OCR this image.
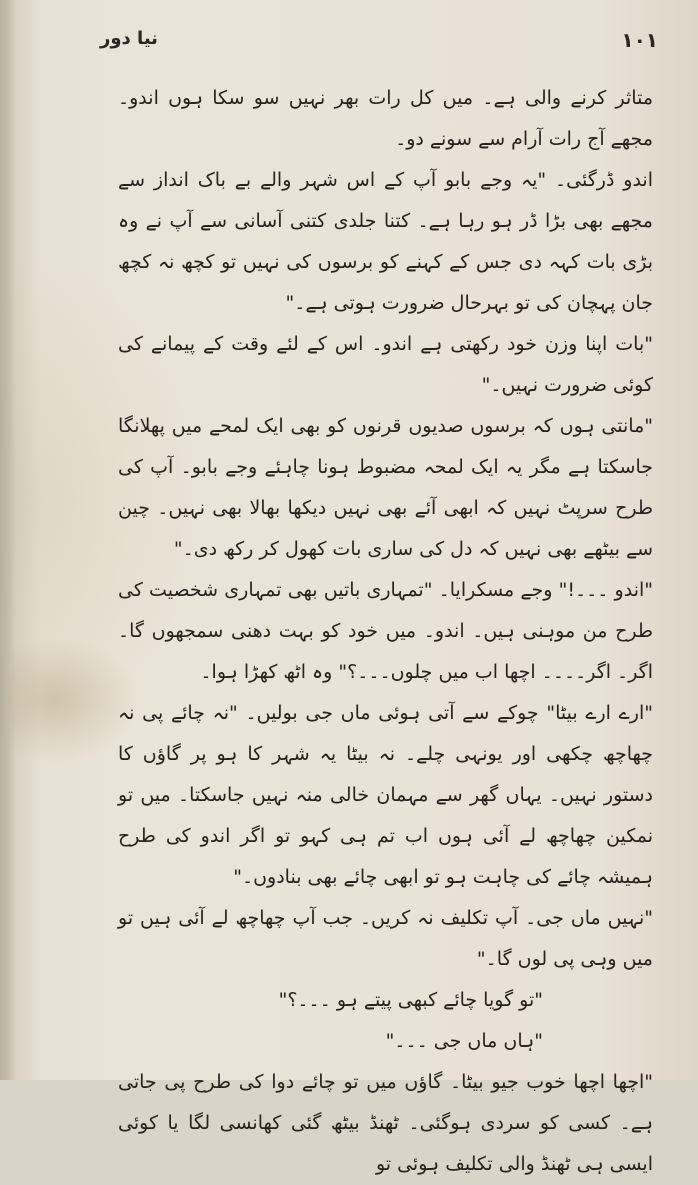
نیا دور	۱۰۱

متاثر کرنے والی ہے۔ میں کل رات بھر نہیں سو سکا ہوں اندو۔ مجھے آج رات آرام سے سونے دو۔

اندو ڈرگئی۔ "یہ وجے بابو آپ کے اس شہر والے بے باک انداز سے مجھے بھی بڑا ڈر ہو رہا ہے۔ کتنا جلدی کتنی آسانی سے آپ نے وہ بڑی بات کہہ دی جس کے کہنے کو برسوں کی نہیں تو کچھ نہ کچھ جان پہچان کی تو بہرحال ضرورت ہوتی ہے۔"

"بات اپنا وزن خود رکھتی ہے اندو۔ اس کے لئے وقت کے پیمانے کی کوئی ضرورت نہیں۔"

"مانتی ہوں کہ برسوں صدیوں قرنوں کو بھی ایک لمحے میں پھلانگا جاسکتا ہے مگر یہ ایک لمحہ مضبوط ہونا چاہئے وجے بابو۔ آپ کی طرح سرپٹ نہیں کہ ابھی آئے بھی نہیں دیکھا بھالا بھی نہیں۔ چین سے بیٹھے بھی نہیں کہ دل کی ساری بات کھول کر رکھ دی۔"

"اندو ۔۔۔!" وجے مسکرایا۔ "تمہاری باتیں بھی تمہاری شخصیت کی طرح من موہنی ہیں۔ اندو۔ میں خود کو بہت دھنی سمجھوں گا۔ اگر۔ اگر۔۔۔۔ اچھا اب میں چلوں۔۔۔؟" وہ اٹھ کھڑا ہوا۔

"ارے ارے بیٹا" چوکے سے آتی ہوئی ماں جی بولیں۔ "نہ چائے پی نہ چھاچھ چکھی اور یونہی چلے۔ نہ بیٹا یہ شہر کا ہو پر گاؤں کا دستور نہیں۔ یہاں گھر سے مہمان خالی منہ نہیں جاسکتا۔ میں تو نمکین چھاچھ لے آئی ہوں اب تم ہی کہو تو اگر اندو کی طرح ہمیشہ چائے کی چاہت ہو تو ابھی چائے بھی بنادوں۔"

"نہیں ماں جی۔ آپ تکلیف نہ کریں۔ جب آپ چھاچھ لے آئی ہیں تو میں وہی پی لوں گا۔"

"تو گویا چائے کبھی پیتے ہو ۔۔۔؟"

"ہاں ماں جی ۔۔۔"

"اچھا اچھا خوب جیو بیٹا۔ گاؤں میں تو چائے دوا کی طرح پی جاتی ہے۔ کسی کو سردی ہوگئی۔ ٹھنڈ بیٹھ گئی کھانسی لگا یا کوئی ایسی ہی ٹھنڈ والی تکلیف ہوئی تو
